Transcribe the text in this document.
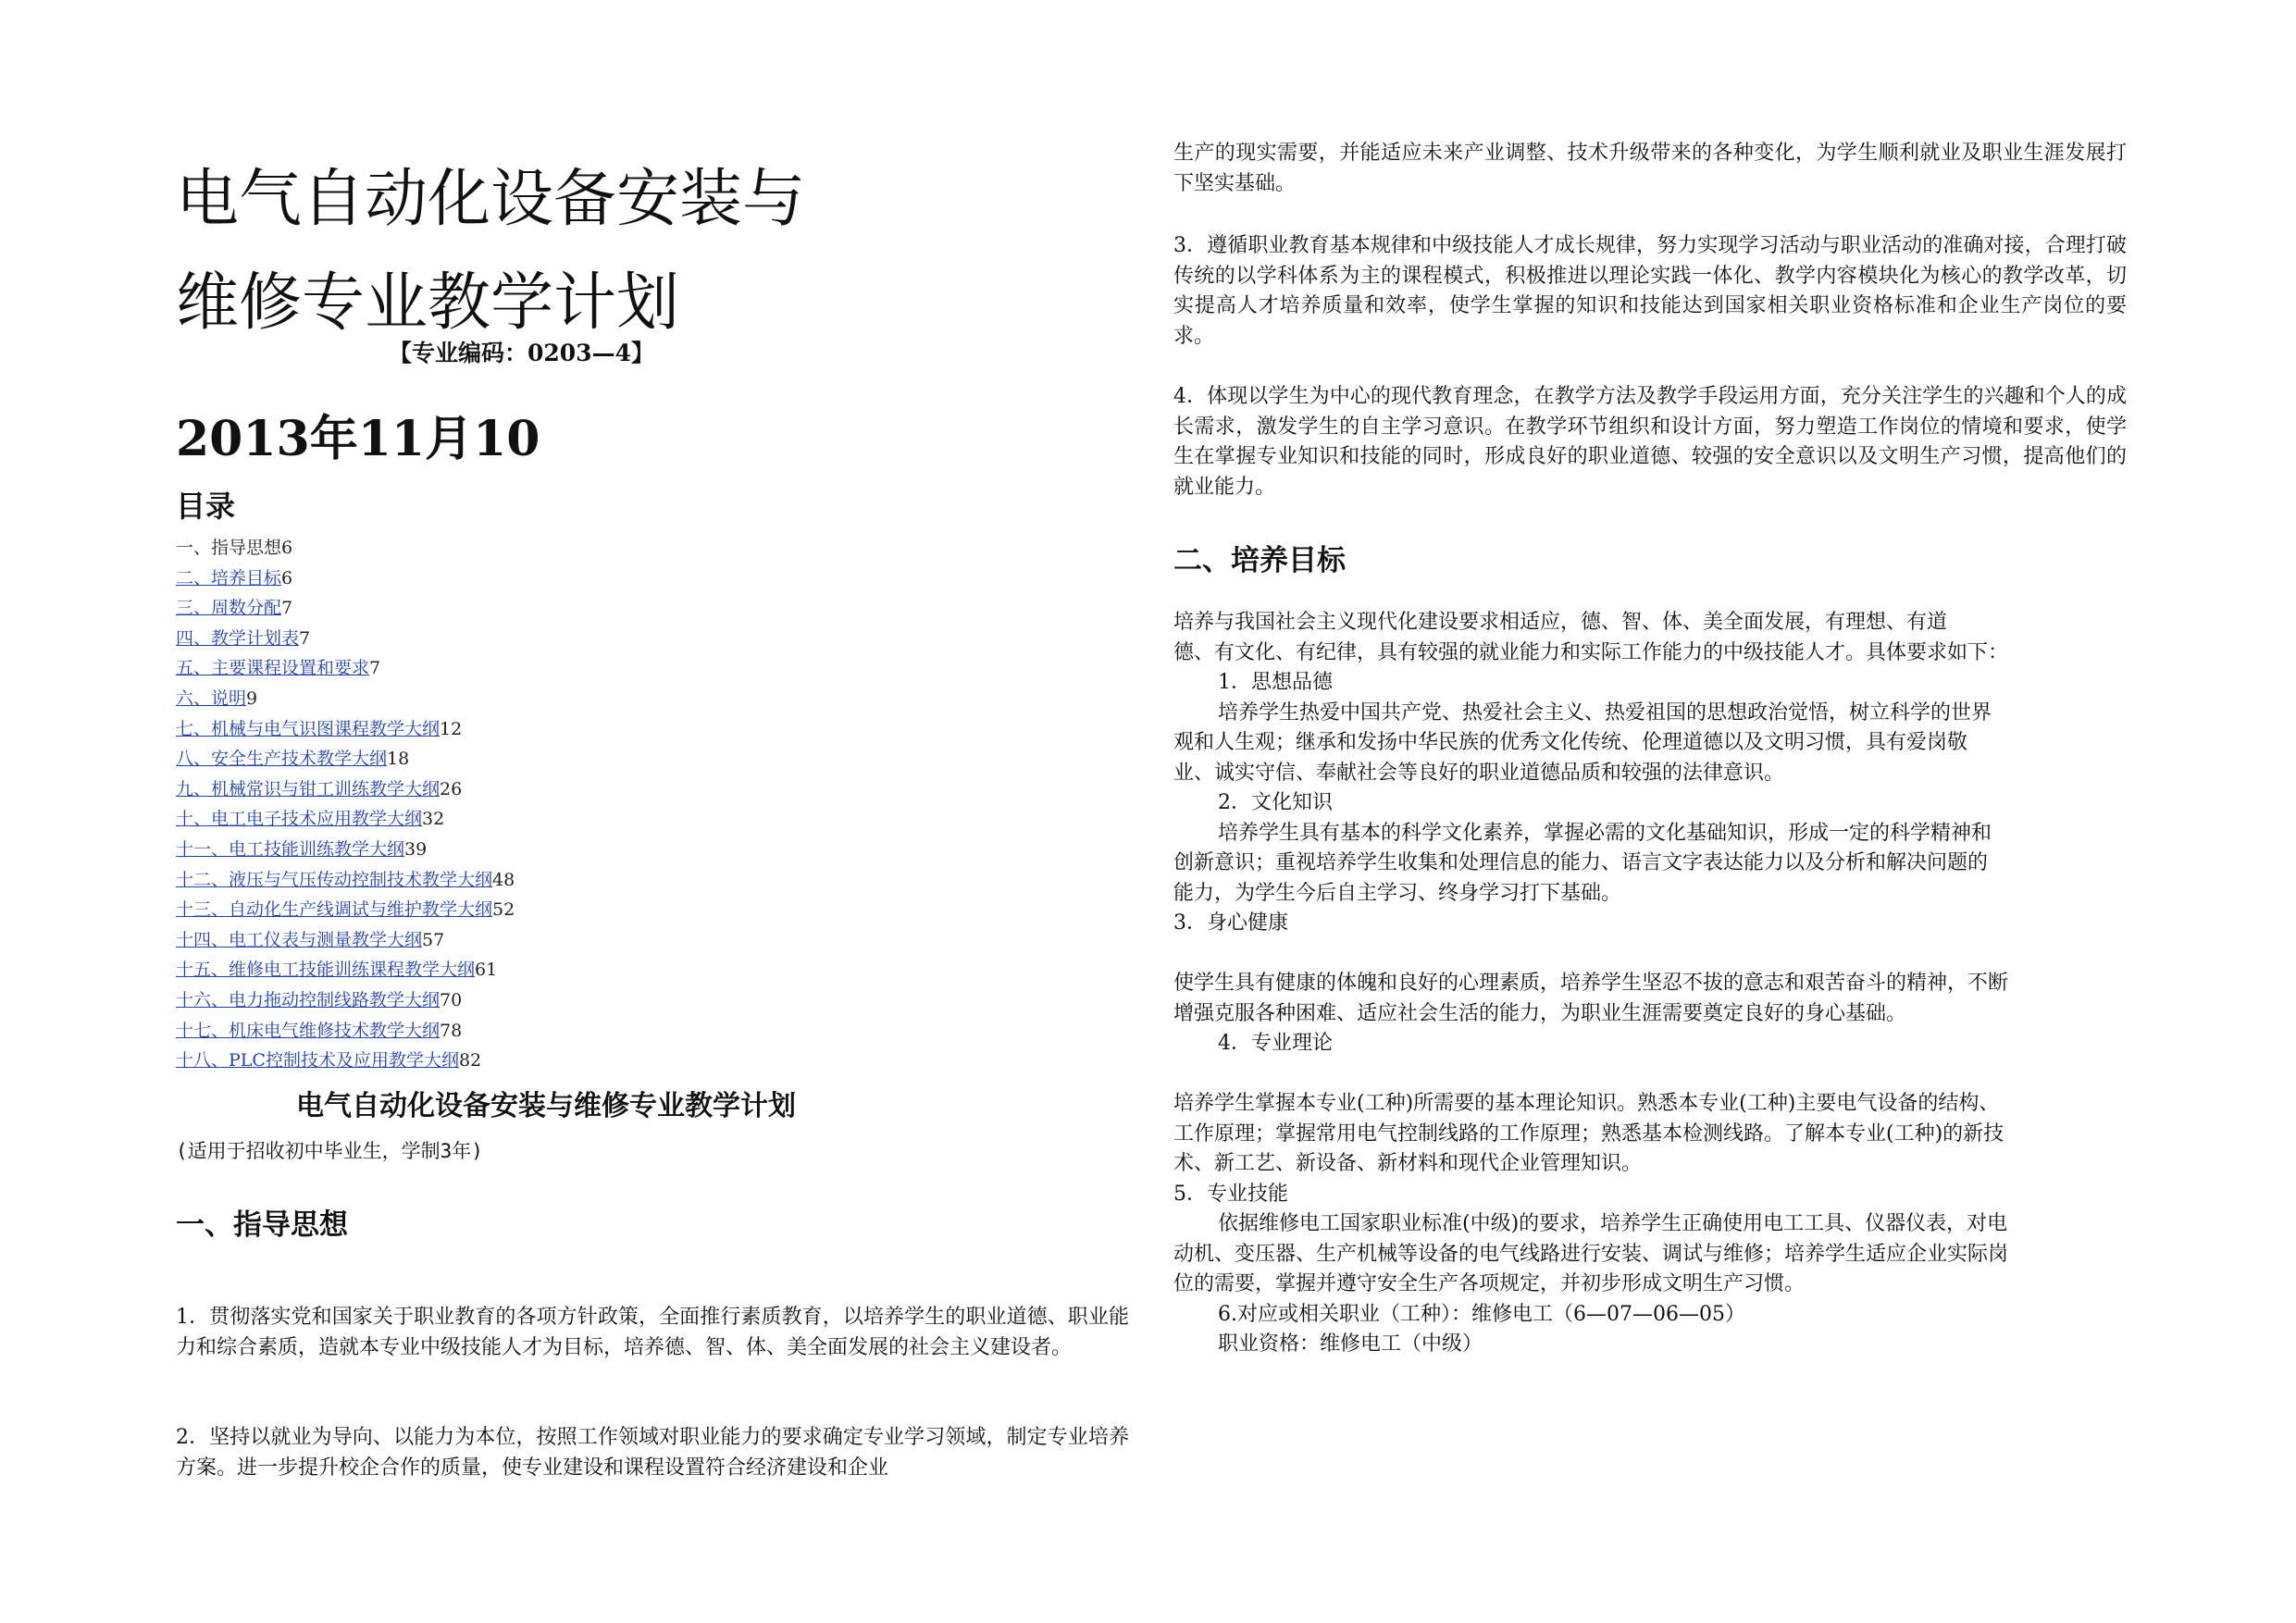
电气自动化设备安装与
维修专业教学计划
【专业编码：0203—4】
2013年11月10
目录
一、指导思想6
二、培养目标6
三、周数分配7
四、教学计划表7
五、主要课程设置和要求7
六、说明9
七、机械与电气识图课程教学大纲12
八、安全生产技术教学大纲18
九、机械常识与钳工训练教学大纲26
十、电工电子技术应用教学大纲32
十一、电工技能训练教学大纲39
十二、液压与气压传动控制技术教学大纲48
十三、自动化生产线调试与维护教学大纲52
十四、电工仪表与测量教学大纲57
十五、维修电工技能训练课程教学大纲61
十六、电力拖动控制线路教学大纲70
十七、机床电气维修技术教学大纲78
十八、PLC控制技术及应用教学大纲82
电气自动化设备安装与维修专业教学计划
(适用于招收初中毕业生，学制3年)
一、指导思想

1．贯彻落实党和国家关于职业教育的各项方针政策，全面推行素质教育，以培养学生的职业道德、职业能力和综合素质，造就本专业中级技能人才为目标，培养德、智、体、美全面发展的社会主义建设者。

2．坚持以就业为导向、以能力为本位，按照工作领域对职业能力的要求确定专业学习领域，制定专业培养方案。进一步提升校企合作的质量，使专业建设和课程设置符合经济建设和企业

生产的现实需要，并能适应未来产业调整、技术升级带来的各种变化，为学生顺利就业及职业生涯发展打下坚实基础。

3．遵循职业教育基本规律和中级技能人才成长规律，努力实现学习活动与职业活动的准确对接，合理打破传统的以学科体系为主的课程模式，积极推进以理论实践一体化、教学内容模块化为核心的教学改革，切实提高人才培养质量和效率，使学生掌握的知识和技能达到国家相关职业资格标准和企业生产岗位的要求。

4．体现以学生为中心的现代教育理念，在教学方法及教学手段运用方面，充分关注学生的兴趣和个人的成长需求，激发学生的自主学习意识。在教学环节组织和设计方面，努力塑造工作岗位的情境和要求，使学生在掌握专业知识和技能的同时，形成良好的职业道德、较强的安全意识以及文明生产习惯，提高他们的就业能力。

二、培养目标
培养与我国社会主义现代化建设要求相适应，德、智、体、美全面发展，有理想、有道
德、有文化、有纪律，具有较强的就业能力和实际工作能力的中级技能人才。具体要求如下：
1．思想品德
培养学生热爱中国共产党、热爱社会主义、热爱祖国的思想政治觉悟，树立科学的世界
观和人生观；继承和发扬中华民族的优秀文化传统、伦理道德以及文明习惯，具有爱岗敬
业、诚实守信、奉献社会等良好的职业道德品质和较强的法律意识。
2．文化知识
培养学生具有基本的科学文化素养，掌握必需的文化基础知识，形成一定的科学精神和
创新意识；重视培养学生收集和处理信息的能力、语言文字表达能力以及分析和解决问题的
能力，为学生今后自主学习、终身学习打下基础。
3．身心健康
使学生具有健康的体魄和良好的心理素质，培养学生坚忍不拔的意志和艰苦奋斗的精神，不断
增强克服各种困难、适应社会生活的能力，为职业生涯需要奠定良好的身心基础。
4．专业理论
培养学生掌握本专业(工种)所需要的基本理论知识。熟悉本专业(工种)主要电气设备的结构、
工作原理；掌握常用电气控制线路的工作原理；熟悉基本检测线路。了解本专业(工种)的新技
术、新工艺、新设备、新材料和现代企业管理知识。
5．专业技能
依据维修电工国家职业标准(中级)的要求，培养学生正确使用电工工具、仪器仪表，对电
动机、变压器、生产机械等设备的电气线路进行安装、调试与维修；培养学生适应企业实际岗
位的需要，掌握并遵守安全生产各项规定，并初步形成文明生产习惯。
6.对应或相关职业（工种）：维修电工（6—07—06—05）
职业资格：维修电工（中级）
